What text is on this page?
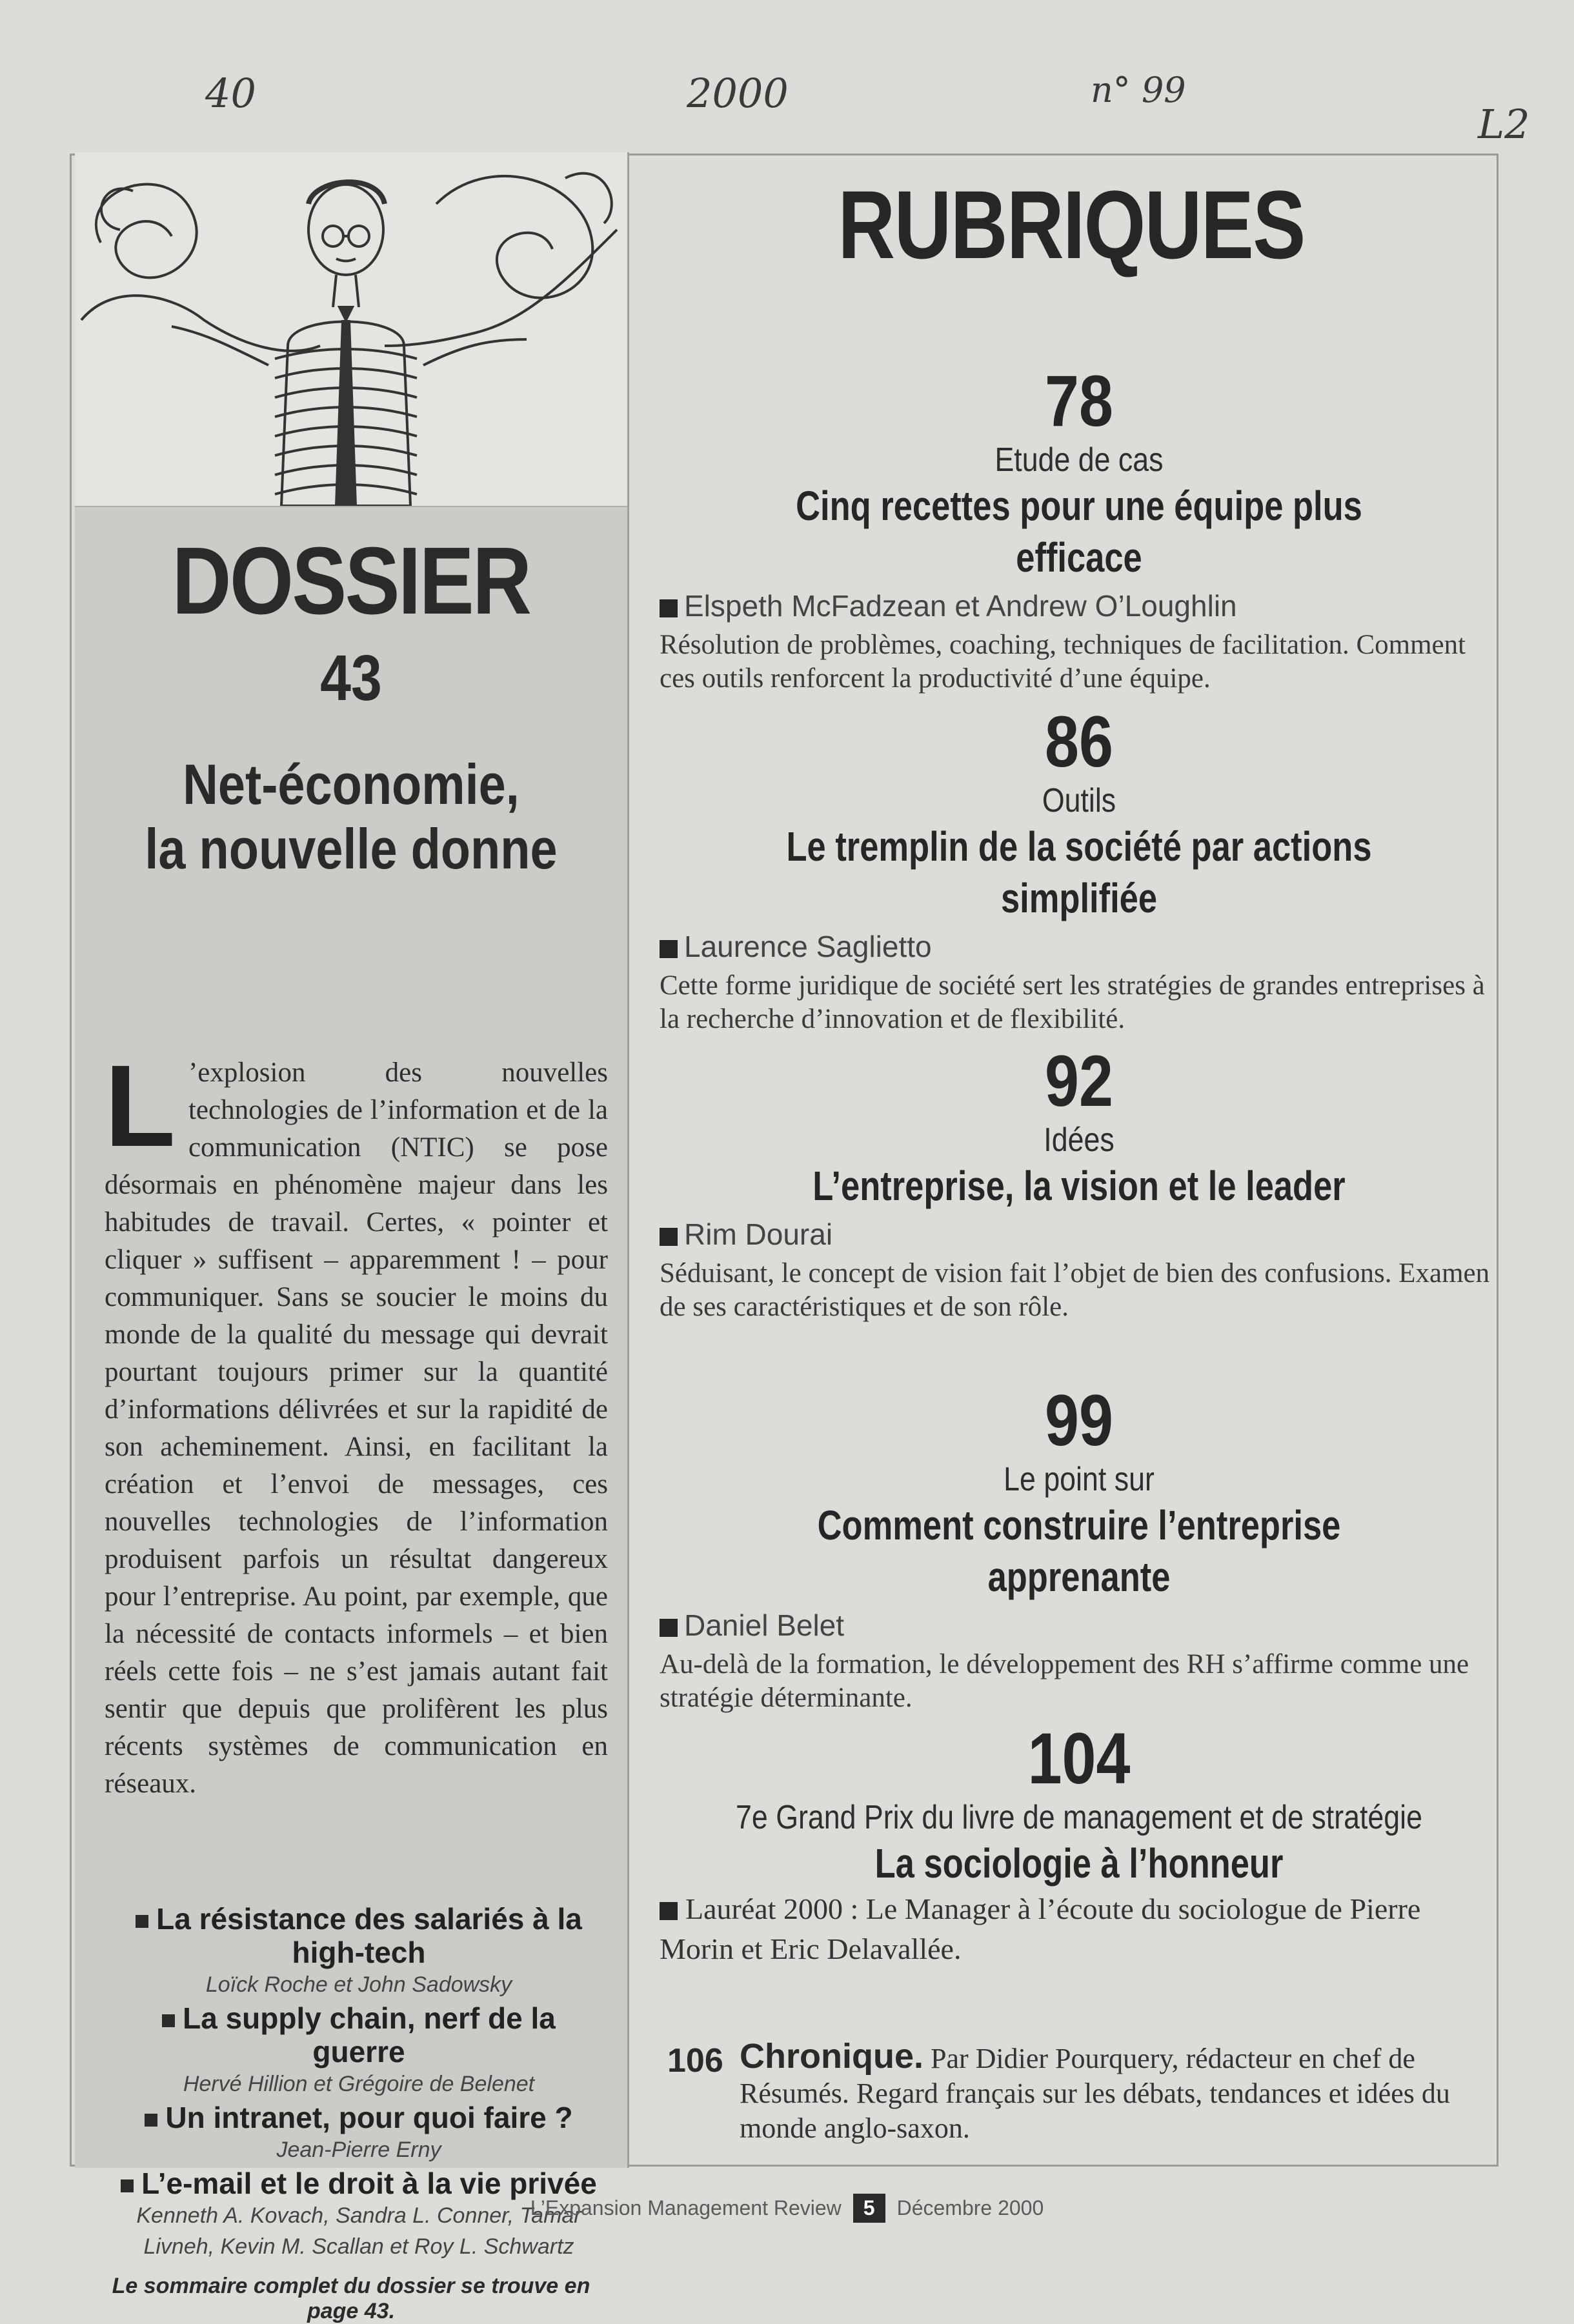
40	2000	n° 99
L2
DOSSIER
43
Net-économie,
la nouvelle donne
L ’explosion des nouvelles technologies de l’information et de la communication (NTIC) se pose désormais en phénomène majeur dans les habitudes de travail. Certes, « pointer et cliquer » suffisent – apparemment ! – pour communiquer. Sans se soucier le moins du monde de la qualité du message qui devrait pourtant toujours primer sur la quantité d’informations délivrées et sur la rapidité de son acheminement. Ainsi, en facilitant la création et l’envoi de messages, ces nouvelles technologies de l’information produisent parfois un résultat dangereux pour l’entreprise. Au point, par exemple, que la nécessité de contacts informels – et bien réels cette fois – ne s’est jamais autant fait sentir que depuis que prolifèrent les plus récents systèmes de communication en réseaux.
La résistance des salariés à la high-tech
Loïck Roche et John Sadowsky
La supply chain, nerf de la guerre
Hervé Hillion et Grégoire de Belenet
Un intranet, pour quoi faire ?
Jean-Pierre Erny
L’e-mail et le droit à la vie privée
Kenneth A. Kovach, Sandra L. Conner, Tamar Livneh, Kevin M. Scallan et Roy L. Schwartz
Le sommaire complet du dossier se trouve en page 43.
RUBRIQUES
78
Etude de cas
Cinq recettes pour une équipe plus efficace
Elspeth McFadzean et Andrew O’Loughlin
Résolution de problèmes, coaching, techniques de facilitation. Comment ces outils renforcent la productivité d’une équipe.
86
Outils
Le tremplin de la société par actions simplifiée
Laurence Saglietto
Cette forme juridique de société sert les stratégies de grandes entreprises à la recherche d’innovation et de flexibilité.
92
Idées
L’entreprise, la vision et le leader
Rim Dourai
Séduisant, le concept de vision fait l’objet de bien des confusions. Examen de ses caractéristiques et de son rôle.
99
Le point sur
Comment construire l’entreprise apprenante
Daniel Belet
Au-delà de la formation, le développement des RH s’affirme comme une stratégie déterminante.
104
7e Grand Prix du livre de management et de stratégie
La sociologie à l’honneur
Lauréat 2000 : Le Manager à l’écoute du sociologue de Pierre Morin et Eric Delavallée.
106 Chronique. Par Didier Pourquery, rédacteur en chef de Résumés. Regard français sur les débats, tendances et idées du monde anglo-saxon.
L’Expansion Management Review 5 Décembre 2000
